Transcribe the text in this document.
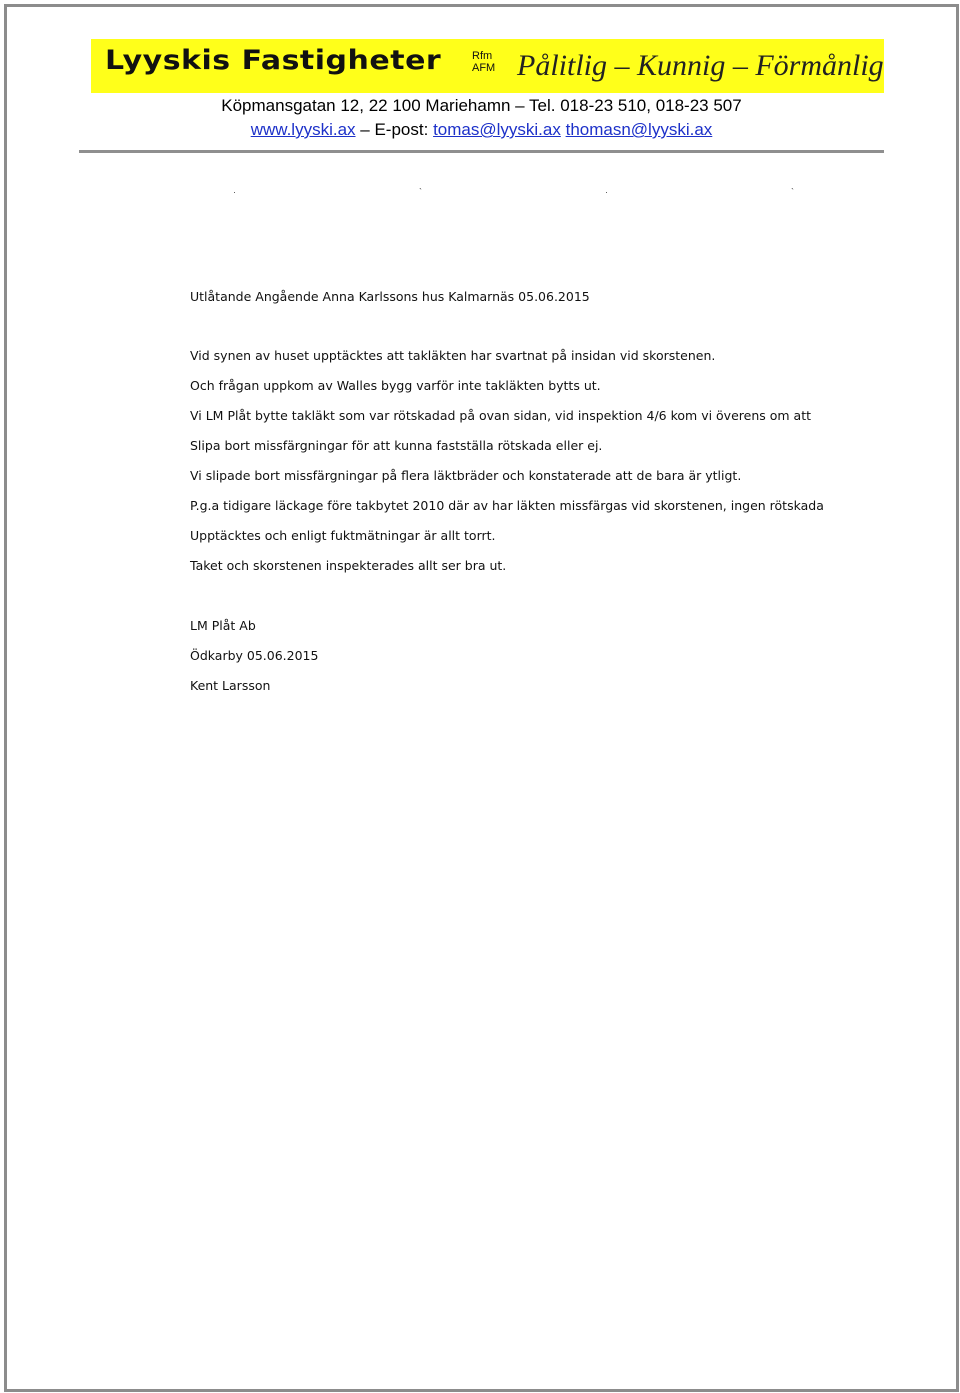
Lyyskis Fastigheter	Rfm
AFM Pålitlig – Kunnig – Förmånlig
Köpmansgatan 12, 22 100 Mariehamn – Tel. 018-23 510, 018-23 507
www.lyyski.ax – E-post: tomas@lyyski.ax thomasn@lyyski.ax
·	`	·	`
Utlåtande Angående Anna Karlssons hus Kalmarnäs 05.06.2015
Vid synen av huset upptäcktes att takläkten har svartnat på insidan vid skorstenen.
Och frågan uppkom av Walles bygg varför inte takläkten bytts ut.
Vi LM Plåt bytte takläkt som var rötskadad på ovan sidan, vid inspektion 4/6 kom vi överens om att
Slipa bort missfärgningar för att kunna fastställa rötskada eller ej.
Vi slipade bort missfärgningar på flera läktbräder och konstaterade att de bara är ytligt.
P.g.a tidigare läckage före takbytet 2010 där av har läkten missfärgas vid skorstenen, ingen rötskada
Upptäcktes och enligt fuktmätningar är allt torrt.
Taket och skorstenen inspekterades allt ser bra ut.
LM Plåt Ab
Ödkarby 05.06.2015
Kent Larsson
